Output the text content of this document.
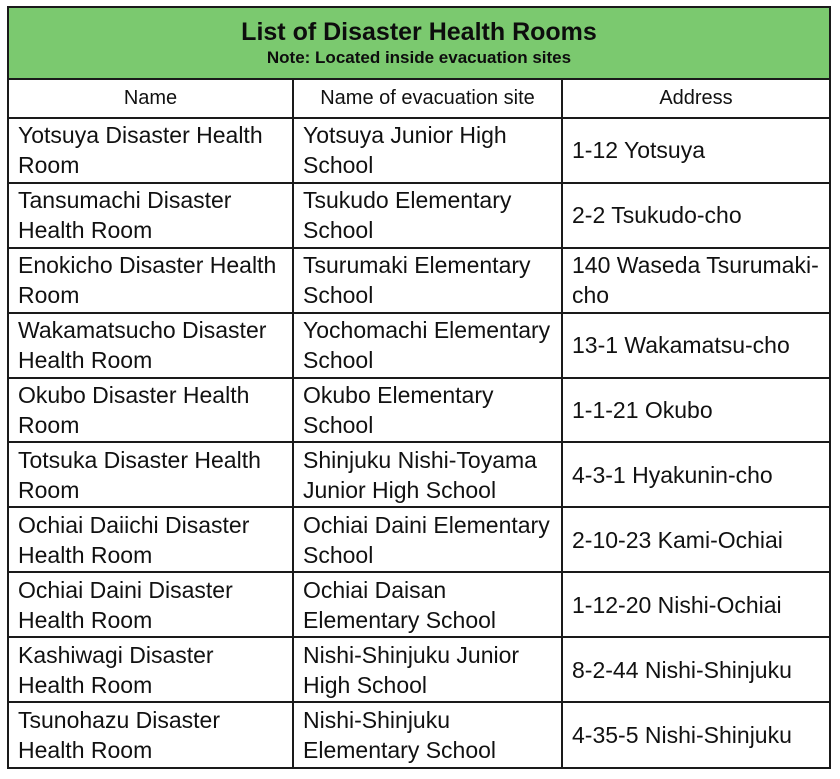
List of Disaster Health Rooms
Note: Located inside evacuation sites
Name	Name of evacuation site	Address
Yotsuya Disaster Health Room	Yotsuya Junior High School	1-12 Yotsuya
Tansumachi Disaster Health Room	Tsukudo Elementary School	2-2 Tsukudo-cho
Enokicho Disaster Health Room	Tsurumaki Elementary School	140 Waseda Tsurumaki-cho
Wakamatsucho Disaster Health Room	Yochomachi Elementary School	13-1 Wakamatsu-cho
Okubo Disaster Health Room	Okubo Elementary School	1-1-21 Okubo
Totsuka Disaster Health Room	Shinjuku Nishi-Toyama Junior High School	4-3-1 Hyakunin-cho
Ochiai Daiichi Disaster Health Room	Ochiai Daini Elementary School	2-10-23 Kami-Ochiai
Ochiai Daini Disaster Health Room	Ochiai Daisan Elementary School	1-12-20 Nishi-Ochiai
Kashiwagi Disaster Health Room	Nishi-Shinjuku Junior High School	8-2-44 Nishi-Shinjuku
Tsunohazu Disaster Health Room	Nishi-Shinjuku Elementary School	4-35-5 Nishi-Shinjuku
